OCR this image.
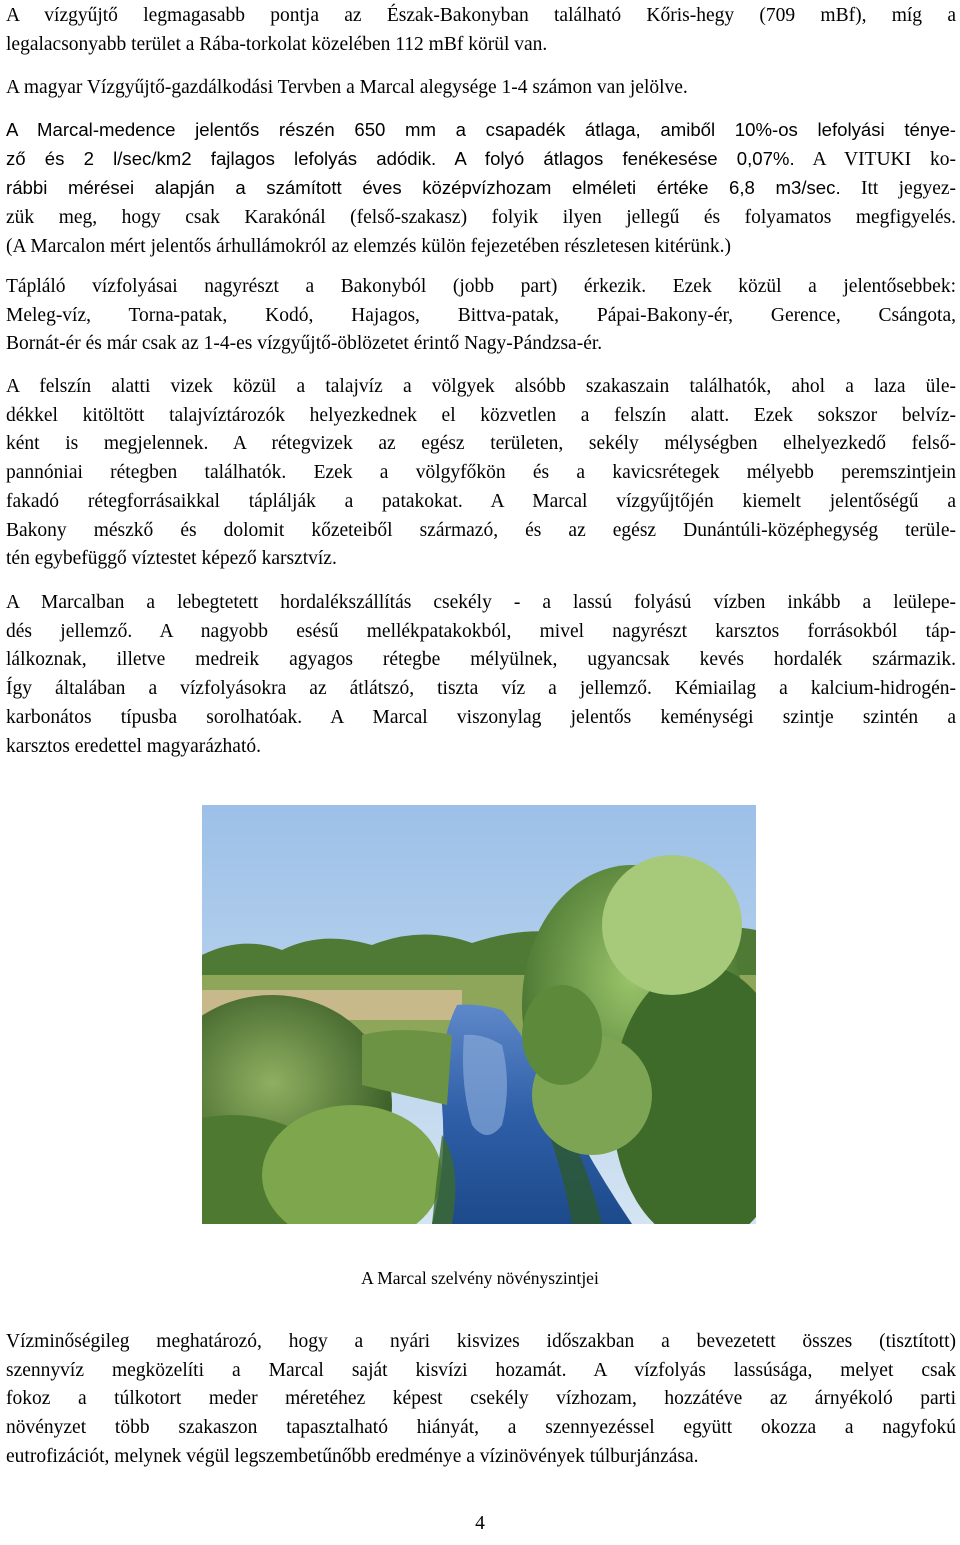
A vízgyűjtő legmagasabb pontja az Észak-Bakonyban található Kőris-hegy (709 mBf), míg a
legalacsonyabb terület a Rába-torkolat közelében 112 mBf körül van.
A magyar Vízgyűjtő-gazdálkodási Tervben a Marcal alegysége 1-4 számon van jelölve.
A Marcal-medence jelentős részén 650 mm a csapadék átlaga, amiből 10%-os lefolyási ténye-
ző és 2 l/sec/km2 fajlagos lefolyás adódik. A folyó átlagos fenékesése 0,07%. A VITUKI ko-
rábbi mérései alapján a számított éves középvízhozam elméleti értéke 6,8 m3/sec. Itt jegyez-
zük meg, hogy csak Karakónál (felső-szakasz) folyik ilyen jellegű és folyamatos megfigyelés.
(A Marcalon mért jelentős árhullámokról az elemzés külön fejezetében részletesen kitérünk.)
Tápláló vízfolyásai nagyrészt a Bakonyból (jobb part) érkezik. Ezek közül a jelentősebbek:
Meleg-víz, Torna-patak, Kodó, Hajagos, Bittva-patak, Pápai-Bakony-ér, Gerence, Csángota,
Bornát-ér és már csak az 1-4-es vízgyűjtő-öblözetet érintő Nagy-Pándzsa-ér.
A felszín alatti vizek közül a talajvíz a völgyek alsóbb szakaszain találhatók, ahol a laza üle-
dékkel kitöltött talajvíztározók helyezkednek el közvetlen a felszín alatt. Ezek sokszor belvíz-
ként is megjelennek. A rétegvizek az egész területen, sekély mélységben elhelyezkedő felső-
pannóniai rétegben találhatók. Ezek a völgyfőkön és a kavicsrétegek mélyebb peremszintjein
fakadó rétegforrásaikkal táplálják a patakokat. A Marcal vízgyűjtőjén kiemelt jelentőségű a
Bakony mészkő és dolomit kőzeteiből származó, és az egész Dunántúli-középhegység terüle-
tén egybefüggő víztestet képező karsztvíz.
A Marcalban a lebegtetett hordalékszállítás csekély - a lassú folyású vízben inkább a leülepe-
dés jellemző. A nagyobb esésű mellékpatakokból, mivel nagyrészt karsztos forrásokból táp-
lálkoznak, illetve medreik agyagos rétegbe mélyülnek, ugyancsak kevés hordalék származik.
Így általában a vízfolyásokra az átlátszó, tiszta víz a jellemző. Kémiailag a kalcium-hidrogén-
karbonátos típusba sorolhatóak. A Marcal viszonylag jelentős keménységi szintje szintén a
karsztos eredettel magyarázható.
A Marcal szelvény növényszintjei
Vízminőségileg meghatározó, hogy a nyári kisvizes időszakban a bevezetett összes (tisztított)
szennyvíz megközelíti a Marcal saját kisvízi hozamát. A vízfolyás lassúsága, melyet csak
fokoz a túlkotort meder méretéhez képest csekély vízhozam, hozzátéve az árnyékoló parti
növényzet több szakaszon tapasztalható hiányát, a szennyezéssel együtt okozza a nagyfokú
eutrofizációt, melynek végül legszembetűnőbb eredménye a vízinövények túlburjánzása.
4
